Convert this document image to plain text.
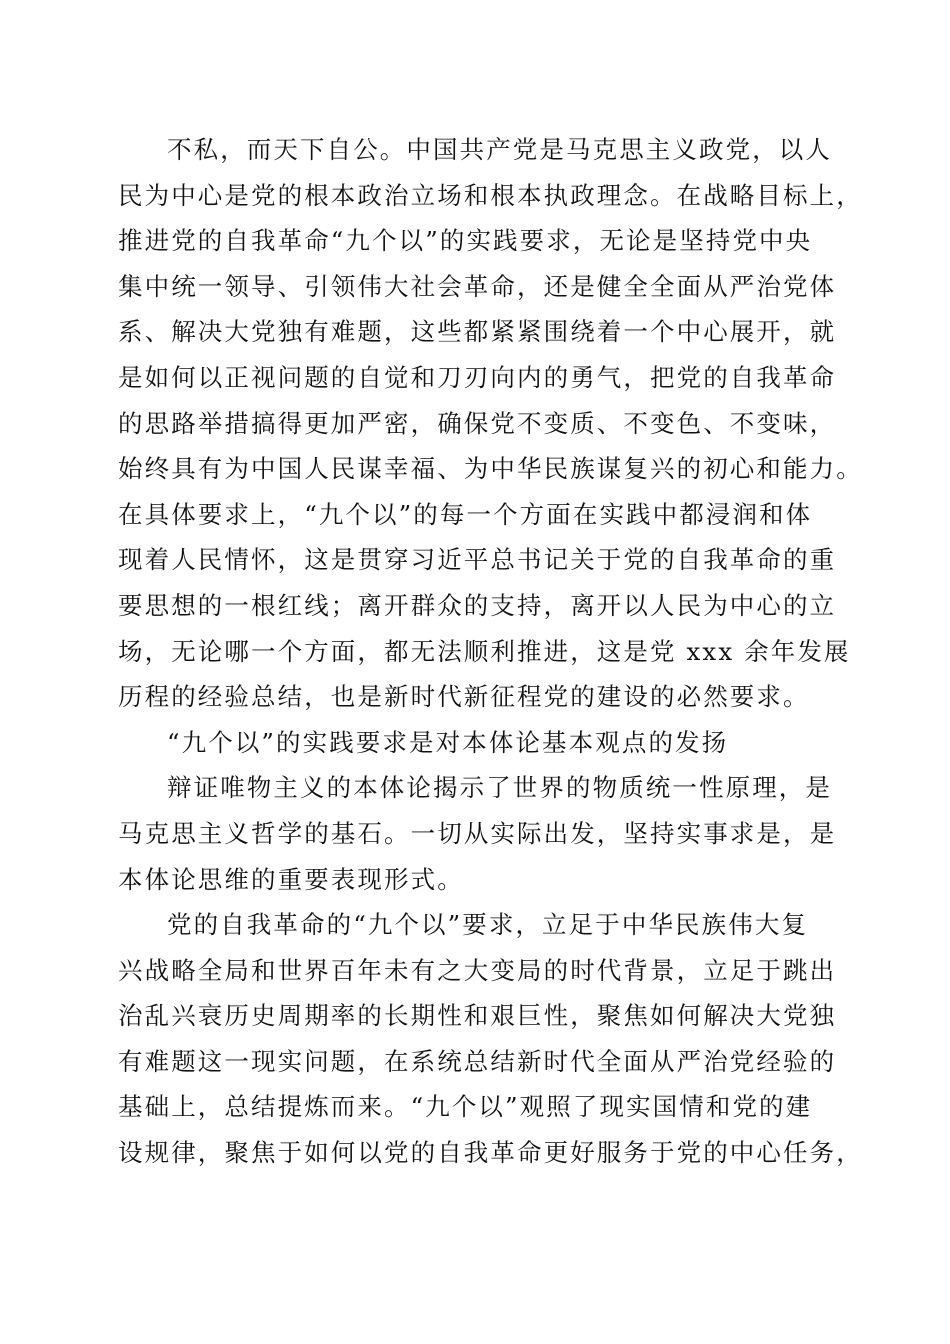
不私，而天下自公。中国共产党是马克思主义政党，以人
民为中心是党的根本政治立场和根本执政理念。在战略目标上，
推进党的自我革命“九个以”的实践要求，无论是坚持党中央
集中统一领导、引领伟大社会革命，还是健全全面从严治党体
系、解决大党独有难题，这些都紧紧围绕着一个中心展开，就
是如何以正视问题的自觉和刀刃向内的勇气，把党的自我革命
的思路举措搞得更加严密，确保党不变质、不变色、不变味，
始终具有为中国人民谋幸福、为中华民族谋复兴的初心和能力。
在具体要求上，“九个以”的每一个方面在实践中都浸润和体
现着人民情怀，这是贯穿习近平总书记关于党的自我革命的重
要思想的一根红线；离开群众的支持，离开以人民为中心的立
场，无论哪一个方面，都无法顺利推进，这是党 xxx 余年发展
历程的经验总结，也是新时代新征程党的建设的必然要求。
“九个以”的实践要求是对本体论基本观点的发扬
辩证唯物主义的本体论揭示了世界的物质统一性原理，是
马克思主义哲学的基石。一切从实际出发，坚持实事求是，是
本体论思维的重要表现形式。
党的自我革命的“九个以”要求，立足于中华民族伟大复
兴战略全局和世界百年未有之大变局的时代背景，立足于跳出
治乱兴衰历史周期率的长期性和艰巨性，聚焦如何解决大党独
有难题这一现实问题，在系统总结新时代全面从严治党经验的
基础上，总结提炼而来。“九个以”观照了现实国情和党的建
设规律，聚焦于如何以党的自我革命更好服务于党的中心任务，
